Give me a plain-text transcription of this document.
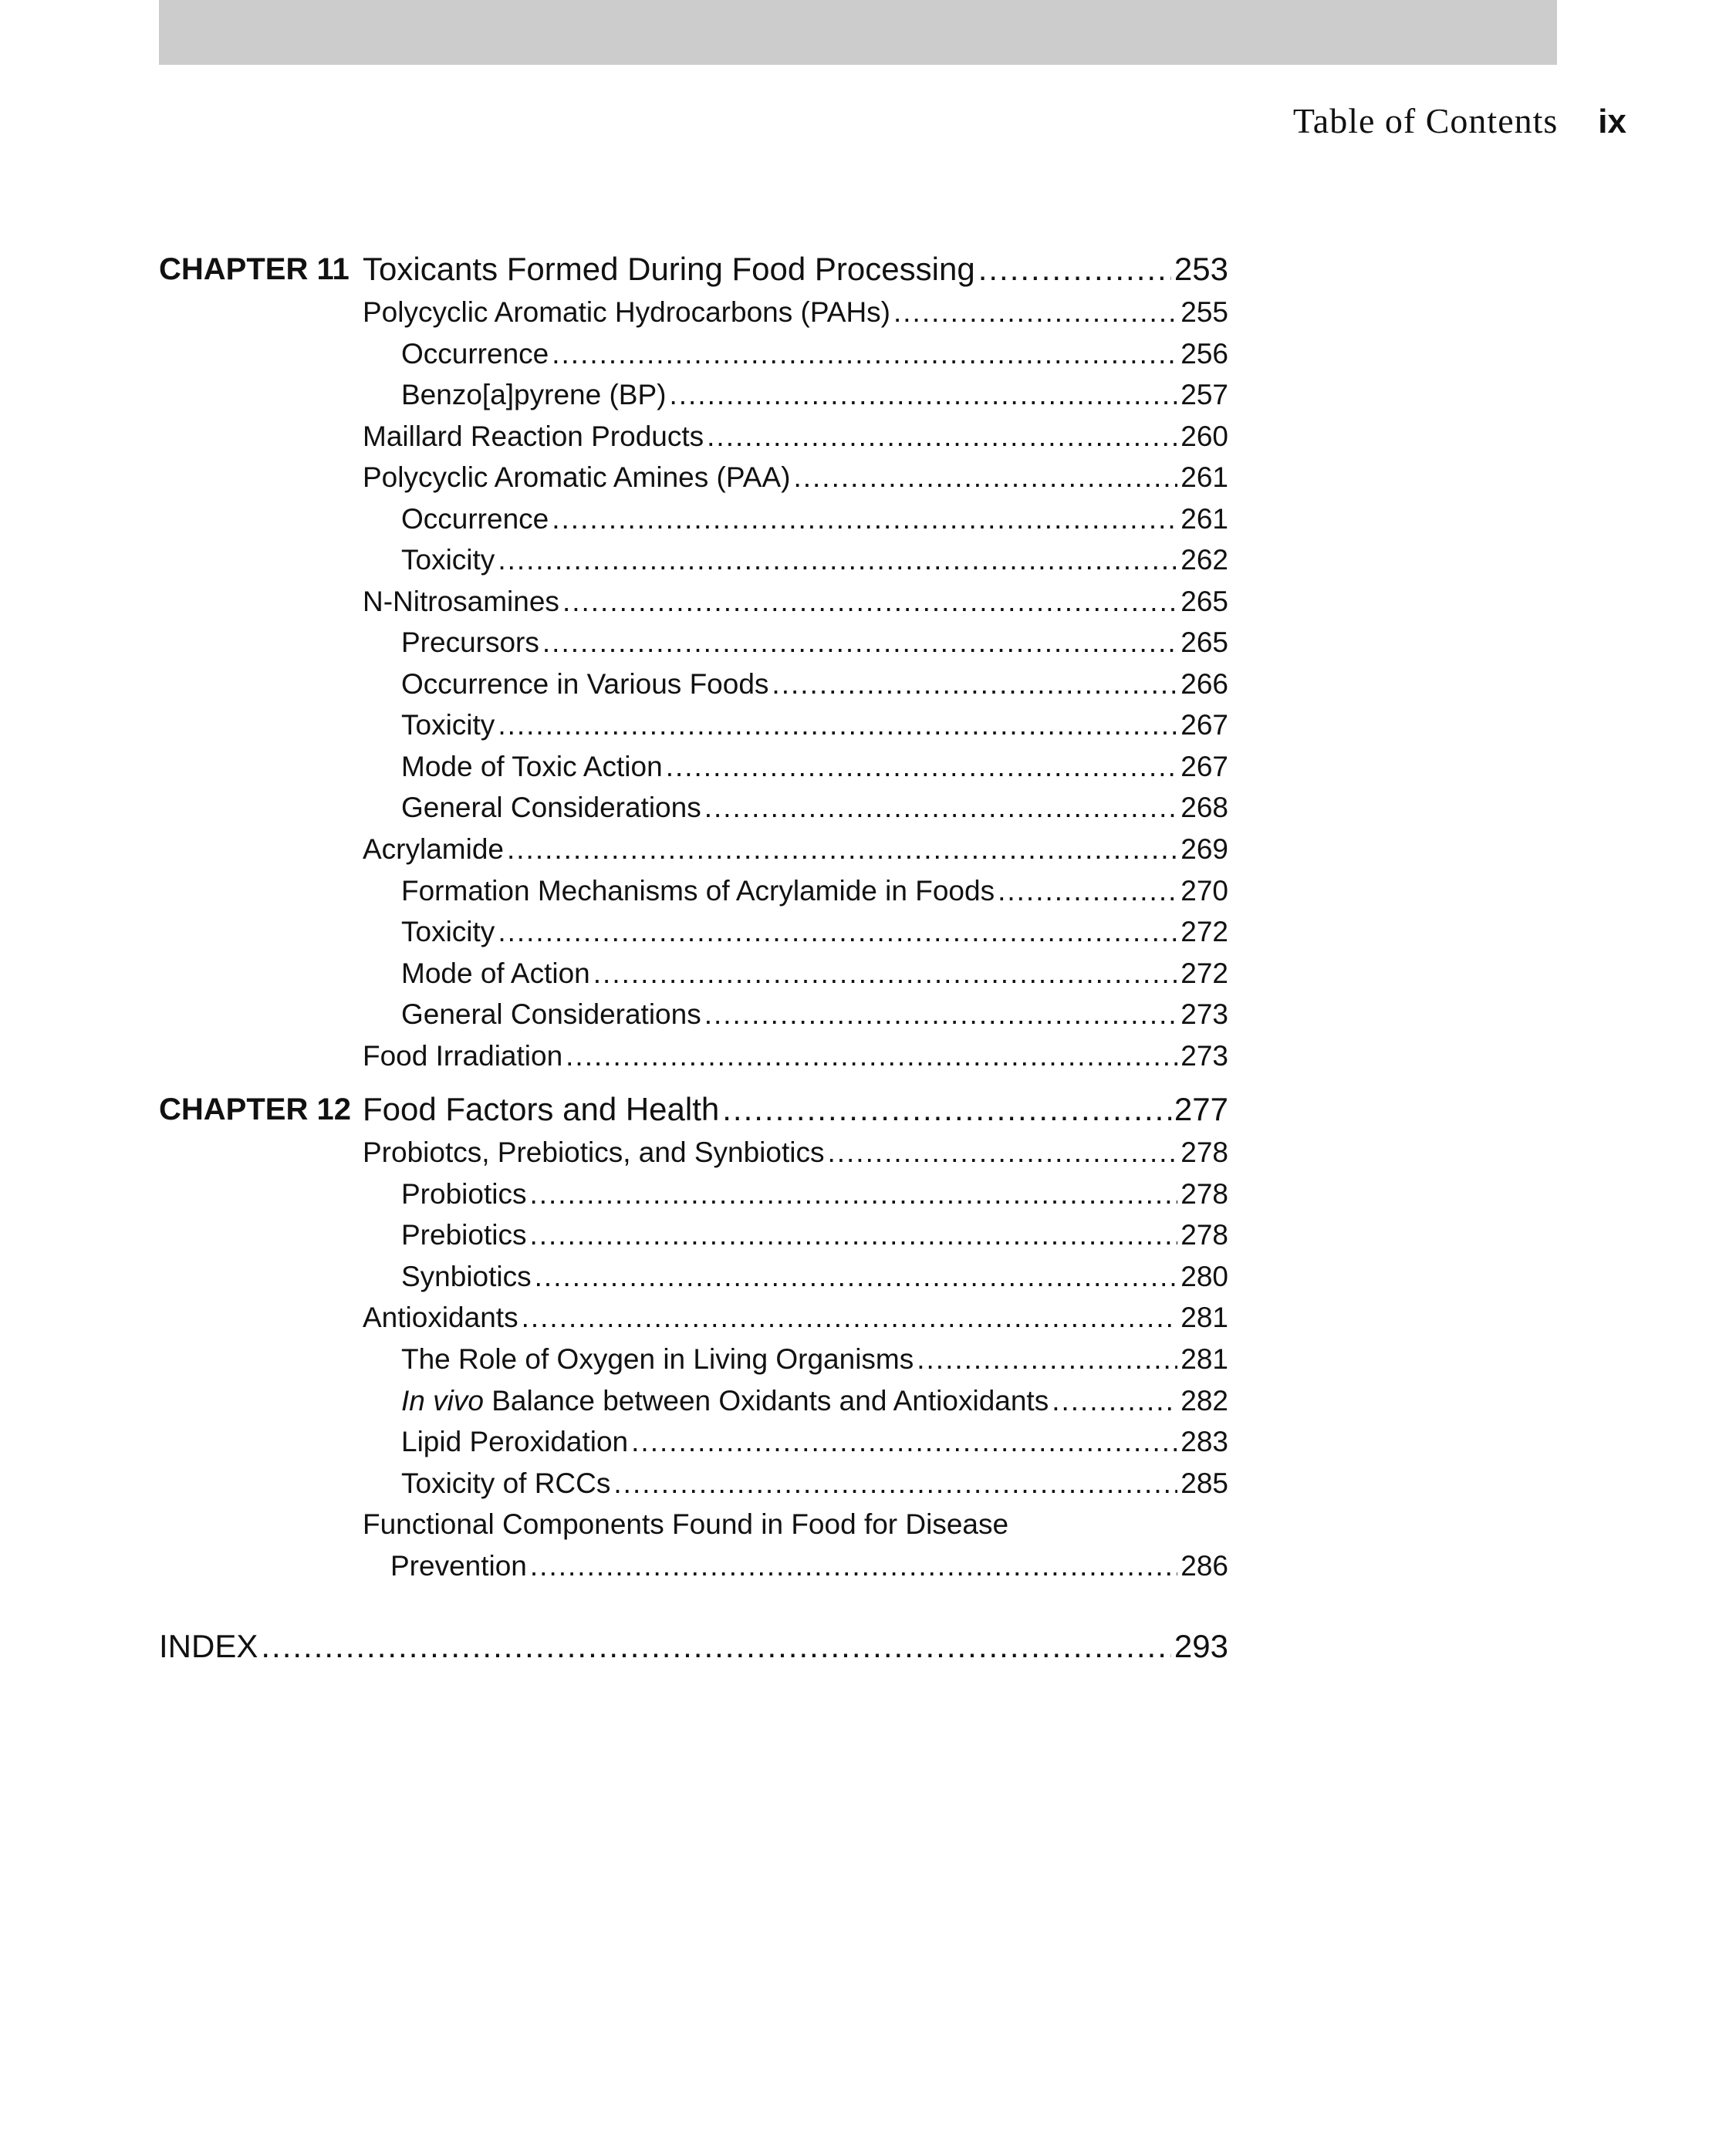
Table of Contents ix
CHAPTER 11 Toxicants Formed During Food Processing .....	253
Polycyclic Aromatic Hydrocarbons (PAHs) .....	255
Occurrence .....	256
Benzo[a]pyrene (BP) .....	257
Maillard Reaction Products .....	260
Polycyclic Aromatic Amines (PAA) .....	261
Occurrence .....	261
Toxicity .....	262
N-Nitrosamines .....	265
Precursors .....	265
Occurrence in Various Foods .....	266
Toxicity .....	267
Mode of Toxic Action .....	267
General Considerations .....	268
Acrylamide .....	269
Formation Mechanisms of Acrylamide in Foods .....	270
Toxicity .....	272
Mode of Action .....	272
General Considerations .....	273
Food Irradiation .....	273
CHAPTER 12 Food Factors and Health .....	277
Probiotcs, Prebiotics, and Synbiotics .....	278
Probiotics .....	278
Prebiotics .....	278
Synbiotics .....	280
Antioxidants .....	281
The Role of Oxygen in Living Organisms .....	281
In vivo Balance between Oxidants and Antioxidants .....	282
Lipid Peroxidation .....	283
Toxicity of RCCs .....	285
Functional Components Found in Food for Disease
Prevention .....	286
INDEX .....	293
